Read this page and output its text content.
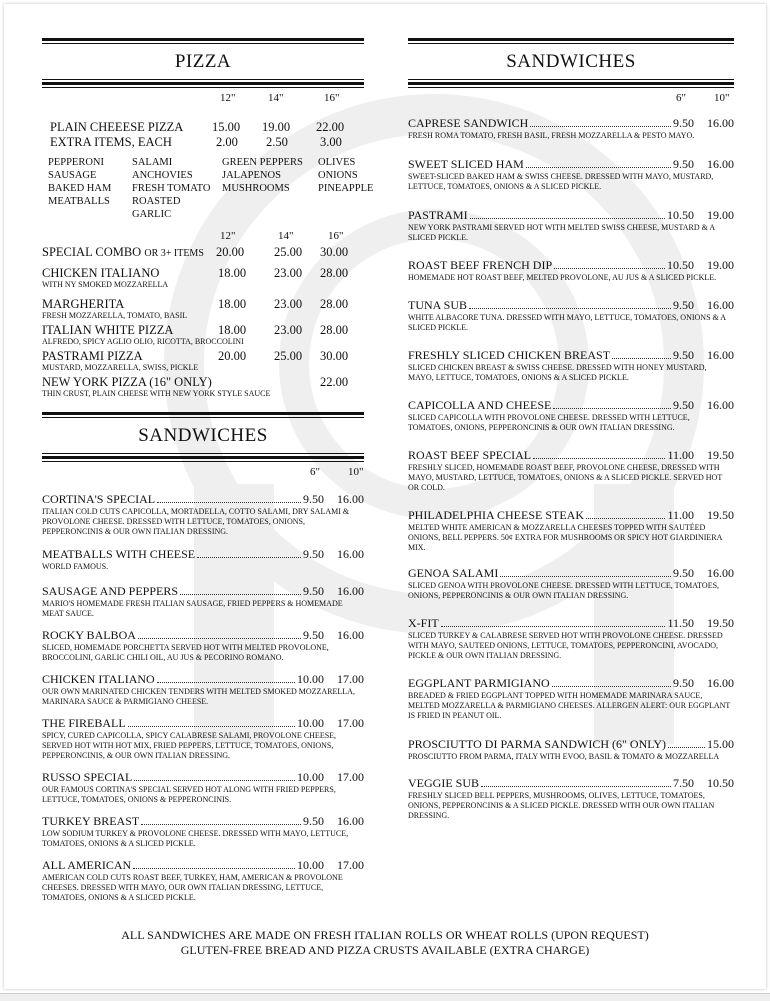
PIZZA
12"	14"	16"
PLAIN CHEEESE PIZZA 15.00 19.00 22.00
EXTRA ITEMS, EACH	2.00 2.50	3.00
PEPPERONI	SALAMI	GREEN PEPPERS	OLIVES
SAUSAGE	ANCHOVIES	JALAPENOS	ONIONS
BAKED HAM	FRESH TOMATO	MUSHROOMS	PINEAPPLE
MEATBALLS	ROASTED GARLIC
12"	14"	16"
SPECIAL COMBO OR 3+ ITEMS 20.00 25.00 30.00
CHICKEN ITALIANO	18.00 23.00 28.00
WITH NY SMOKED MOZZARELLA
MARGHERITA	18.00 23.00 28.00
FRESH MOZZARELLA, TOMATO, BASIL
ITALIAN WHITE PIZZA	18.00 23.00 28.00
ALFREDO, SPICY AGLIO OLIO, RICOTTA, BROCCOLINI
PASTRAMI PIZZA	20.00 25.00 30.00
MUSTARD, MOZZARELLA, SWISS, PICKLE
NEW YORK PIZZA (16" ONLY)	22.00
THIN CRUST, PLAIN CHEESE WITH NEW YORK STYLE SAUCE
SANDWICHES
6"	10"
CORTINA'S SPECIAL	9.50	16.00
ITALIAN COLD CUTS CAPICOLLA, MORTADELLA, COTTO SALAMI, DRY SALAMI & PROVOLONE CHEESE. DRESSED WITH LETTUCE, TOMATOES, ONIONS, PEPPERONCINIS & OUR OWN ITALIAN DRESSING.
MEATBALLS WITH CHEESE	9.50	16.00
WORLD FAMOUS.
SAUSAGE AND PEPPERS	9.50	16.00
MARIO'S HOMEMADE FRESH ITALIAN SAUSAGE, FRIED PEPPERS & HOMEMADE MEAT SAUCE.
ROCKY BALBOA	9.50	16.00
SLICED, HOMEMADE PORCHETTA SERVED HOT WITH MELTED PROVOLONE, BROCCOLINI, GARLIC CHILI OIL, AU JUS & PECORINO ROMANO.
CHICKEN ITALIANO	10.00	17.00
OUR OWN MARINATED CHICKEN TENDERS WITH MELTED SMOKED MOZZARELLA, MARINARA SAUCE & PARMIGIANO CHEESE.
THE FIREBALL	10.00	17.00
SPICY, CURED CAPICOLLA, SPICY CALABRESE SALAMI, PROVOLONE CHEESE, SERVED HOT WITH HOT MIX, FRIED PEPPERS, LETTUCE, TOMATOES, ONIONS, PEPPERONCINIS, & OUR OWN ITALIAN DRESSING.
RUSSO SPECIAL	10.00	17.00
OUR FAMOUS CORTINA'S SPECIAL SERVED HOT ALONG WITH FRIED PEPPERS, LETTUCE, TOMATOES, ONIONS & PEPPERONCINIS.
TURKEY BREAST	9.50	16.00
LOW SODIUM TURKEY & PROVOLONE CHEESE. DRESSED WITH MAYO, LETTUCE, TOMATOES, ONIONS & A SLICED PICKLE.
ALL AMERICAN	10.00	17.00
AMERICAN COLD CUTS ROAST BEEF, TURKEY, HAM, AMERICAN & PROVOLONE CHEESES. DRESSED WITH MAYO, OUR OWN ITALIAN DRESSING, LETTUCE, TOMATOES, ONIONS & A SLICED PICKLE.
SANDWICHES
6"	10"
CAPRESE SANDWICH	9.50	16.00
FRESH ROMA TOMATO, FRESH BASIL, FRESH MOZZARELLA & PESTO MAYO.
SWEET SLICED HAM	9.50	16.00
SWEET-SLICED BAKED HAM & SWISS CHEESE. DRESSED WITH MAYO, MUSTARD, LETTUCE, TOMATOES, ONIONS & A SLICED PICKLE.
PASTRAMI	10.50	19.00
NEW YORK PASTRAMI SERVED HOT WITH MELTED SWISS CHEESE, MUSTARD & A SLICED PICKLE.
ROAST BEEF FRENCH DIP	10.50	19.00
HOMEMADE HOT ROAST BEEF, MELTED PROVOLONE, AU JUS & A SLICED PICKLE.
TUNA SUB	9.50	16.00
WHITE ALBACORE TUNA. DRESSED WITH MAYO, LETTUCE, TOMATOES, ONIONS & A SLICED PICKLE.
FRESHLY SLICED CHICKEN BREAST	9.50	16.00
SLICED CHICKEN BREAST & SWISS CHEESE. DRESSED WITH HONEY MUSTARD, MAYO, LETTUCE, TOMATOES, ONIONS & A SLICED PICKLE.
CAPICOLLA AND CHEESE	9.50	16.00
SLICED CAPICOLLA WITH PROVOLONE CHEESE. DRESSED WITH LETTUCE, TOMATOES, ONIONS, PEPPERONCINIS & OUR OWN ITALIAN DRESSING.
ROAST BEEF SPECIAL	11.00	19.50
FRESHLY SLICED, HOMEMADE ROAST BEEF, PROVOLONE CHEESE, DRESSED WITH MAYO, MUSTARD, LETTUCE, TOMATOES, ONIONS & A SLICED PICKLE. SERVED HOT OR COLD.
PHILADELPHIA CHEESE STEAK	11.00	19.50
MELTED WHITE AMERICAN & MOZZARELLA CHEESES TOPPED WITH SAUTÉED ONIONS, BELL PEPPERS. 50¢ EXTRA FOR MUSHROOMS OR SPICY HOT GIARDINIERA MIX.
GENOA SALAMI	9.50	16.00
SLICED GENOA WITH PROVOLONE CHEESE. DRESSED WITH LETTUCE, TOMATOES, ONIONS, PEPPERONCINIS & OUR OWN ITALIAN DRESSING.
X-FIT	11.50	19.50
SLICED TURKEY & CALABRESE SERVED HOT WITH PROVOLONE CHEESE. DRESSED WITH MAYO, SAUTEED ONIONS, LETTUCE, TOMATOES, PEPPERONCINI, AVOCADO, PICKLE & OUR OWN ITALIAN DRESSING.
EGGPLANT PARMIGIANO	9.50	16.00
BREADED & FRIED EGGPLANT TOPPED WITH HOMEMADE MARINARA SAUCE, MELTED MOZZARELLA & PARMIGIANO CHEESES. ALLERGEN ALERT: OUR EGGPLANT IS FRIED IN PEANUT OIL.
PROSCIUTTO DI PARMA SANDWICH (6" ONLY)	15.00
PROSCIUTTO FROM PARMA, ITALY WITH EVOO, BASIL & TOMATO & MOZZARELLA
VEGGIE SUB	7.50	10.50
FRESHLY SLICED BELL PEPPERS, MUSHROOMS, OLIVES, LETTUCE, TOMATOES, ONIONS, PEPPERONCINIS & A SLICED PICKLE. DRESSED WITH OUR OWN ITALIAN DRESSING.
ALL SANDWICHES ARE MADE ON FRESH ITALIAN ROLLS OR WHEAT ROLLS (UPON REQUEST)
GLUTEN-FREE BREAD AND PIZZA CRUSTS AVAILABLE (EXTRA CHARGE)
